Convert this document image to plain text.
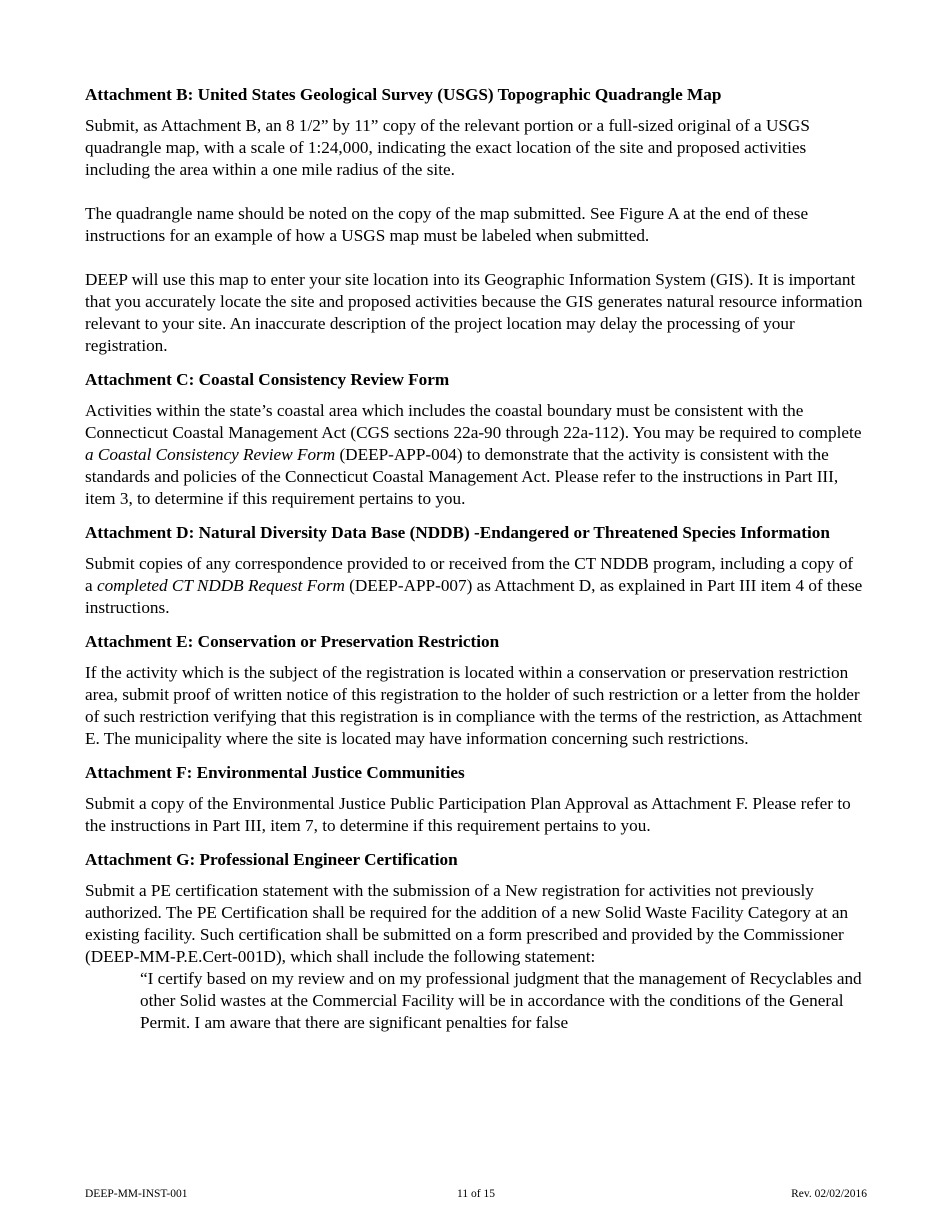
Attachment B: United States Geological Survey (USGS) Topographic Quadrangle Map
Submit, as Attachment B, an 8 1/2” by 11” copy of the relevant portion or a full-sized original of a USGS quadrangle map, with a scale of 1:24,000, indicating the exact location of the site and proposed activities including the area within a one mile radius of the site.
The quadrangle name should be noted on the copy of the map submitted. See Figure A at the end of these instructions for an example of how a USGS map must be labeled when submitted.
DEEP will use this map to enter your site location into its Geographic Information System (GIS). It is important that you accurately locate the site and proposed activities because the GIS generates natural resource information relevant to your site. An inaccurate description of the project location may delay the processing of your registration.
Attachment C: Coastal Consistency Review Form
Activities within the state’s coastal area which includes the coastal boundary must be consistent with the Connecticut Coastal Management Act (CGS sections 22a-90 through 22a-112). You may be required to complete a Coastal Consistency Review Form (DEEP-APP-004) to demonstrate that the activity is consistent with the standards and policies of the Connecticut Coastal Management Act. Please refer to the instructions in Part III, item 3, to determine if this requirement pertains to you.
Attachment D: Natural Diversity Data Base (NDDB) -Endangered or Threatened Species Information
Submit copies of any correspondence provided to or received from the CT NDDB program, including a copy of a completed CT NDDB Request Form (DEEP-APP-007) as Attachment D, as explained in Part III item 4 of these instructions.
Attachment E: Conservation or Preservation Restriction
If the activity which is the subject of the registration is located within a conservation or preservation restriction area, submit proof of written notice of this registration to the holder of such restriction or a letter from the holder of such restriction verifying that this registration is in compliance with the terms of the restriction, as Attachment E. The municipality where the site is located may have information concerning such restrictions.
Attachment F: Environmental Justice Communities
Submit a copy of the Environmental Justice Public Participation Plan Approval as Attachment F. Please refer to the instructions in Part III, item 7, to determine if this requirement pertains to you.
Attachment G: Professional Engineer Certification
Submit a PE certification statement with the submission of a New registration for activities not previously authorized. The PE Certification shall be required for the addition of a new Solid Waste Facility Category at an existing facility. Such certification shall be submitted on a form prescribed and provided by the Commissioner (DEEP-MM-P.E.Cert-001D), which shall include the following statement:
“I certify based on my review and on my professional judgment that the management of Recyclables and other Solid wastes at the Commercial Facility will be in accordance with the conditions of the General Permit. I am aware that there are significant penalties for false
DEEP-MM-INST-001	11 of 15	Rev. 02/02/2016
